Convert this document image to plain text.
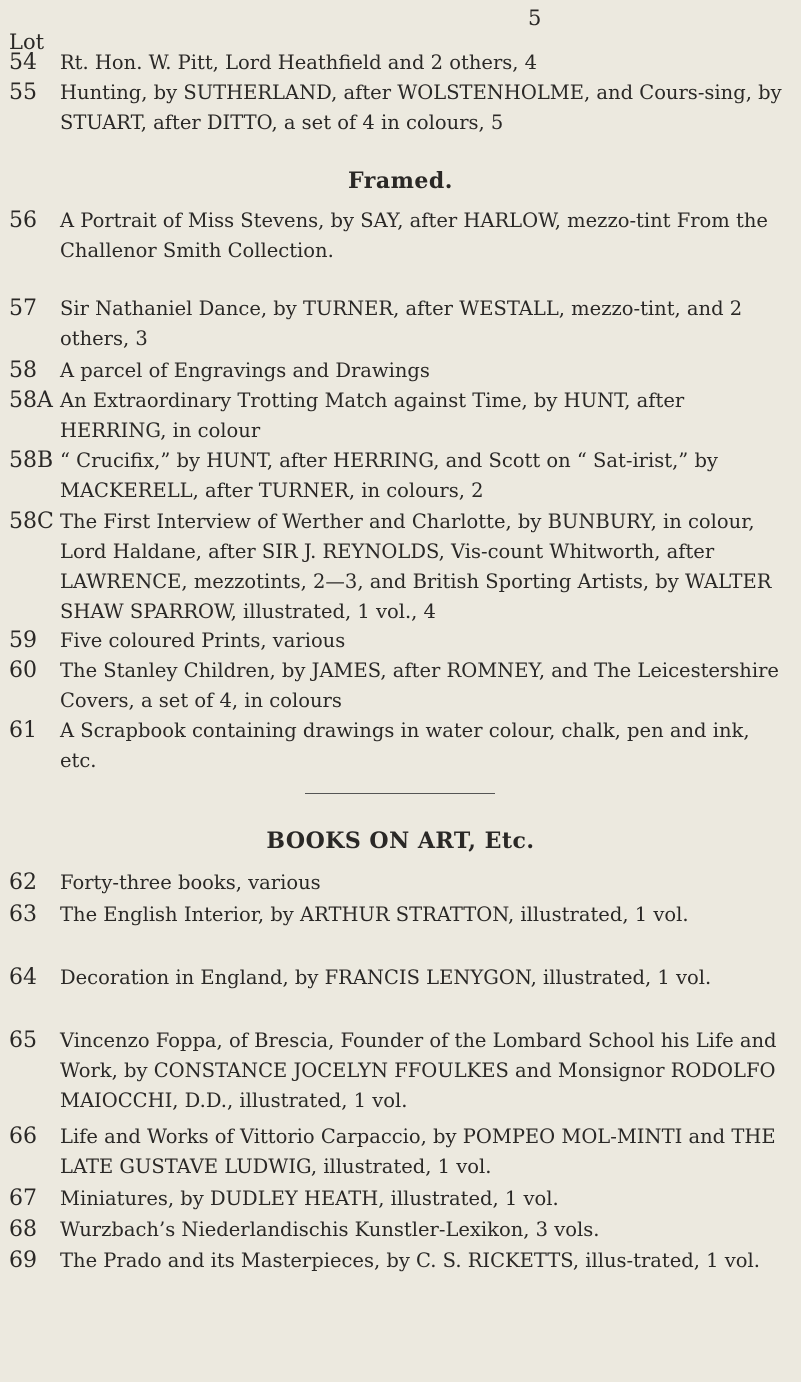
5
Lot
54 Rt. Hon. W. Pitt, Lord Heathfield and 2 others, 4
55 Hunting, by SUTHERLAND, after WOLSTENHOLME, and Cours-sing, by STUART, after DITTO, a set of 4 in colours, 5
Framed.
56 A Portrait of Miss Stevens, by SAY, after HARLOW, mezzo-tint From the Challenor Smith Collection.
57 Sir Nathaniel Dance, by TURNER, after WESTALL, mezzo-tint, and 2 others, 3
58 A parcel of Engravings and Drawings
58A An Extraordinary Trotting Match against Time, by HUNT, after HERRING, in colour
58B “ Crucifix,” by HUNT, after HERRING, and Scott on “ Sat-irist,” by MACKERELL, after TURNER, in colours, 2
58C The First Interview of Werther and Charlotte, by BUNBURY, in colour, Lord Haldane, after SIR J. REYNOLDS, Vis-count Whitworth, after LAWRENCE, mezzotints, 2—3, and British Sporting Artists, by WALTER SHAW SPARROW, illustrated, 1 vol., 4
59 Five coloured Prints, various
60 The Stanley Children, by JAMES, after ROMNEY, and The Leicestershire Covers, a set of 4, in colours
61 A Scrapbook containing drawings in water colour, chalk, pen and ink, etc.
BOOKS ON ART, Etc.
62 Forty-three books, various
63 The English Interior, by ARTHUR STRATTON, illustrated, 1 vol.
64 Decoration in England, by FRANCIS LENYGON, illustrated, 1 vol.
65 Vincenzo Foppa, of Brescia, Founder of the Lombard School his Life and Work, by CONSTANCE JOCELYN FFOULKES and Monsignor RODOLFO MAIOCCHI, D.D., illustrated, 1 vol.
66 Life and Works of Vittorio Carpaccio, by POMPEO MOL-MINTI and THE LATE GUSTAVE LUDWIG, illustrated, 1 vol.
67 Miniatures, by DUDLEY HEATH, illustrated, 1 vol.
68 Wurzbach’s Niederlandischis Kunstler-Lexikon, 3 vols.
69 The Prado and its Masterpieces, by C. S. RICKETTS, illus-trated, 1 vol.
